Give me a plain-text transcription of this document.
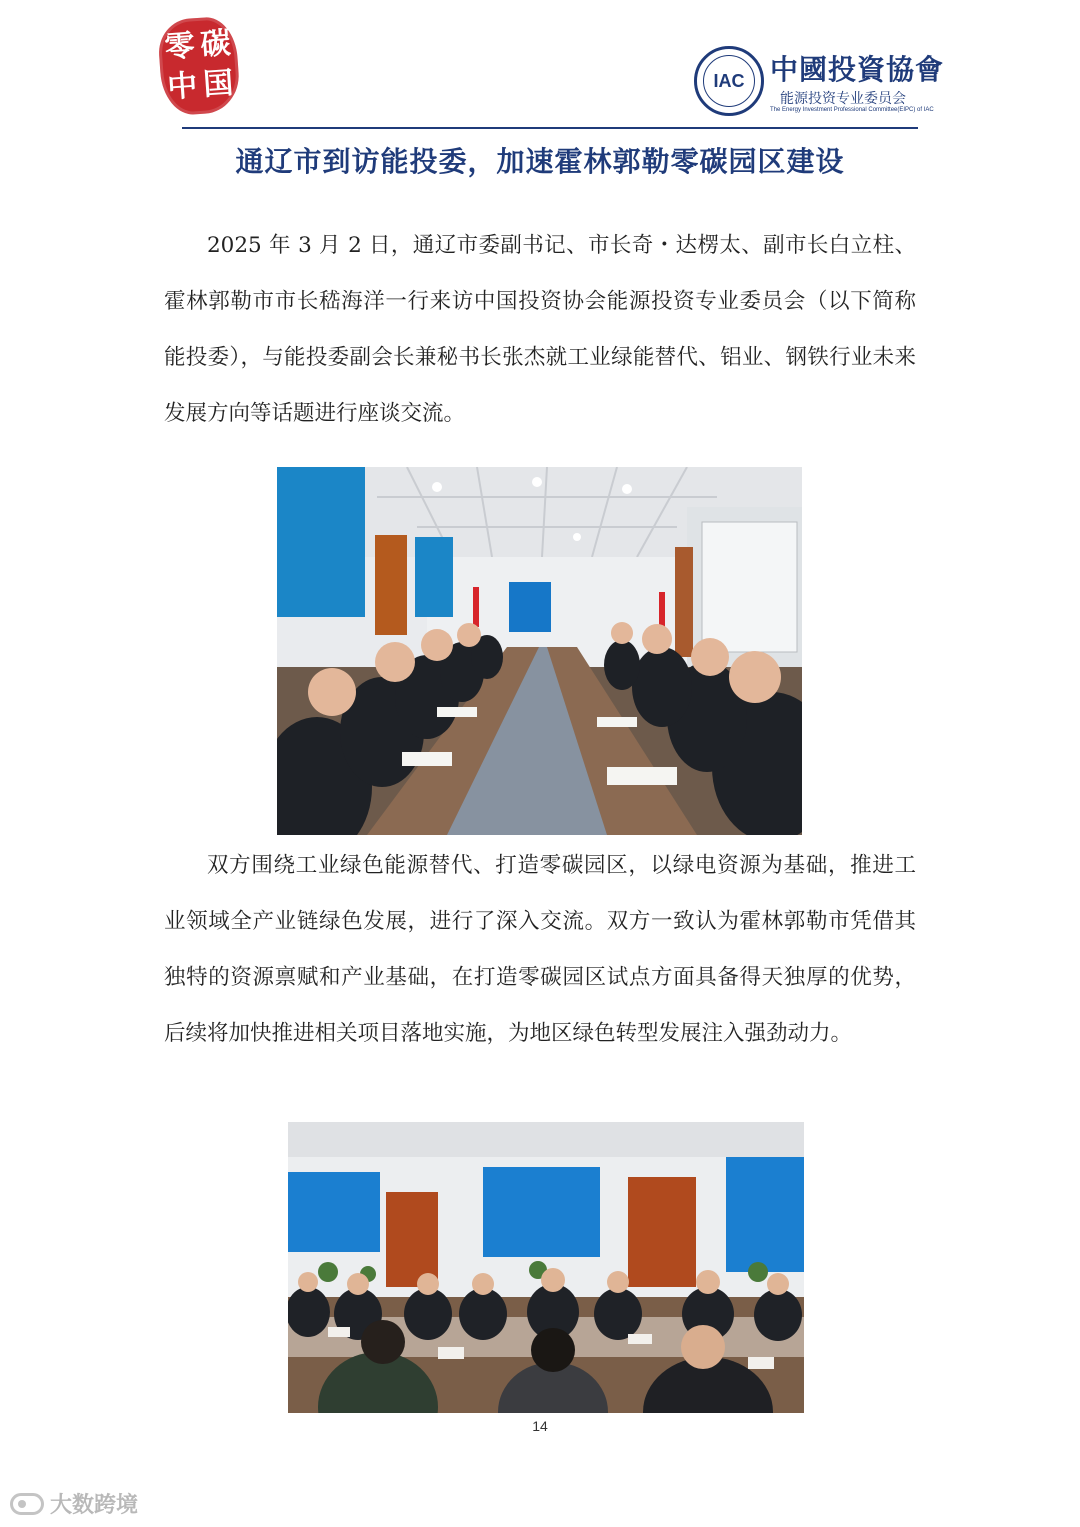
零 碳
中 国	IAC 中國投資協會
能源投资专业委员会
The Energy Investment Professional Committee(EIPC) of IAC
通辽市到访能投委，加速霍林郭勒零碳园区建设
2025 年 3 月 2 日，通辽市委副书记、市长奇・达楞太、副市长白立柱、霍林郭勒市市长嵇海洋一行来访中国投资协会能源投资专业委员会（以下简称能投委），与能投委副会长兼秘书长张杰就工业绿能替代、铝业、钢铁行业未来发展方向等话题进行座谈交流。
双方围绕工业绿色能源替代、打造零碳园区，以绿电资源为基础，推进工业领域全产业链绿色发展，进行了深入交流。双方一致认为霍林郭勒市凭借其独特的资源禀赋和产业基础，在打造零碳园区试点方面具备得天独厚的优势，后续将加快推进相关项目落地实施，为地区绿色转型发展注入强劲动力。
14
大数跨境
